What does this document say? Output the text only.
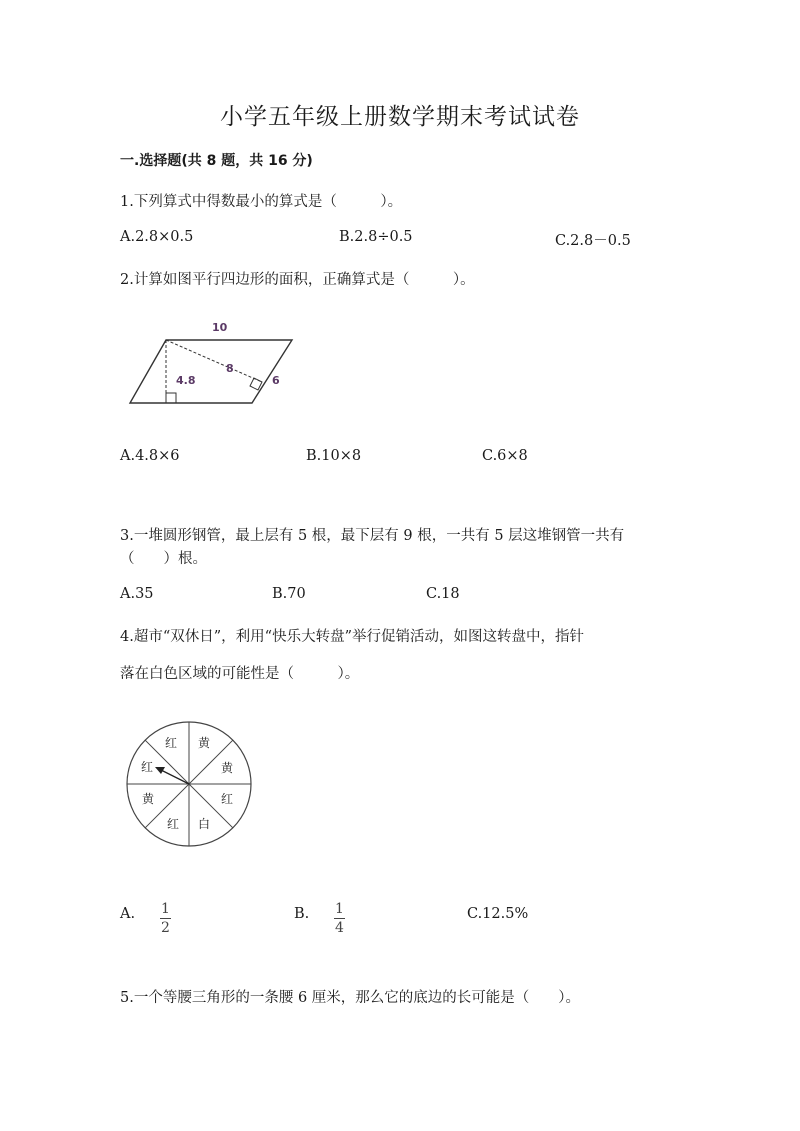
小学五年级上册数学期末考试试卷
一.选择题(共 8 题，共 16 分)
1.下列算式中得数最小的算式是（　　　）。
A.2.8×0.5	B.2.8÷0.5	C.2.8－0.5
2.计算如图平行四边形的面积，正确算式是（　　　）。
10
4.8
8
6
A.4.8×6	B.10×8	C.6×8
3.一堆圆形钢管，最上层有 5 根，最下层有 9 根，一共有 5 层这堆钢管一共有
（　　）根。
A.35	B.70	C.18
4.超市“双休日”，利用“快乐大转盘”举行促销活动，如图这转盘中，指针
落在白色区域的可能性是（　　　）。
黄
黄
红
白
红
黄
红
红
A. 1
2
B. 1
4
C.12.5%
5.一个等腰三角形的一条腰 6 厘米，那么它的底边的长可能是（　　）。
